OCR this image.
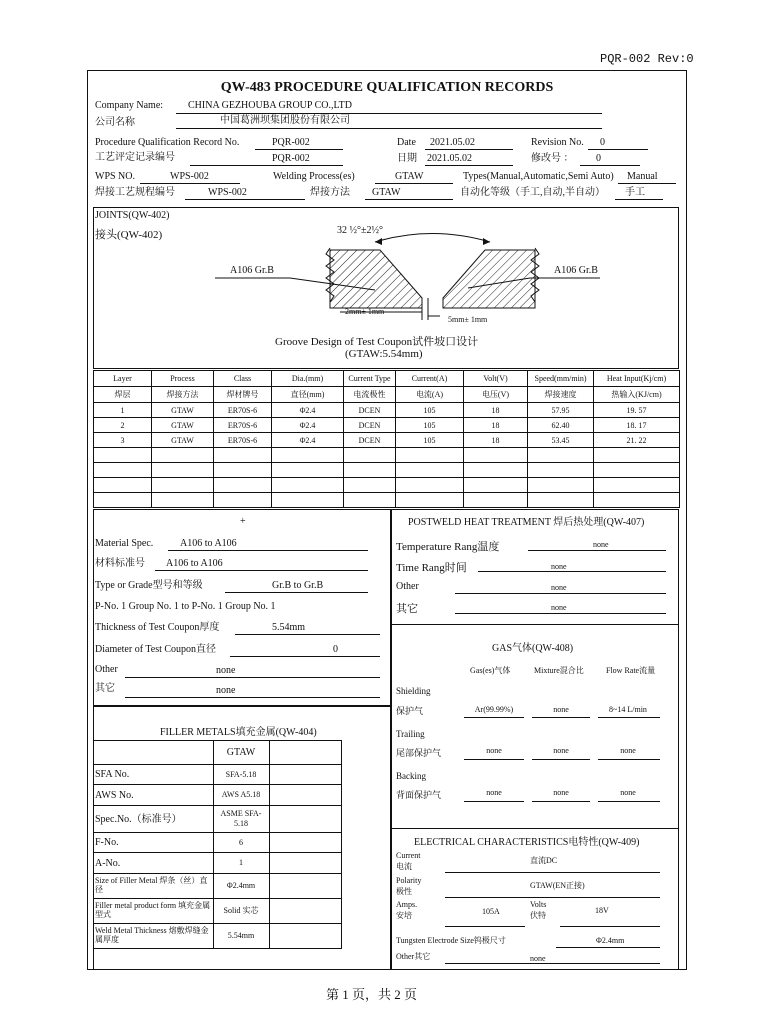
PQR-002 Rev:0
QW-483 PROCEDURE QUALIFICATION RECORDS
Company Name: CHINA GEZHOUBA GROUP CO.,LTD
公司名称	中国葛洲坝集团股份有限公司
Procedure Qualification Record No.	PQR-002	Date 2021.05.02	Revision No. 0
工艺评定记录编号	PQR-002	日期 2021.05.02	修改号 ： 0
WPS NO.	WPS-002	Welding Process(es)	GTAW	Types(Manual,Automatic,Semi Auto) Manual
焊接工艺规程编号	WPS-002	焊接方法 GTAW	自动化等级（手工,自动,半自动） 手工
JOINTS(QW-402)
接头(QW-402)	32 ½°±2½°
A106 Gr.B	A106 Gr.B
2mm± 1mm
5mm± 1mm
Groove Design of Test Coupon试件坡口设计
(GTAW:5.54mm)
Layer	Process	Class	Dia.(mm)	Current Type	Current(A)	Volt(V)	Speed(mm/min)	Heat Input(Kj/cm)
焊层	焊接方法	焊材牌号	直径(mm)	电流极性	电流(A)	电压(V)	焊接速度	热输入(KJ/cm)
1	GTAW	ER70S-6	Φ2.4	DCEN	105	18	57.95	19. 57
2	GTAW	ER70S-6	Φ2.4	DCEN	105	18	62.40	18. 17
3	GTAW	ER70S-6	Φ2.4	DCEN	105	18	53.45	21. 22

+
Material Spec.	A106 to A106
材料标准号 A106 to A106
Type or Grade型号和等级	Gr.B to Gr.B
P-No. 1 Group No. 1 to P-No. 1 Group No. 1
Thickness of Test Coupon厚度	5.54mm
Diameter of Test Coupon直径	0
Other	none
其它	none
POSTWELD HEAT TREATMENT 焊后热处理(QW-407)
Temperature Rang温度	none
Time Rang时间	none
Other	none
其它	none
GAS气体(QW-408)
Gas(es)气体	Mixture混合比	Flow Rate流量
Shielding
保护气	Ar(99.99%)	none	8~14 L/min
Trailing
尾部保护气	none	none	none
Backing
背面保护气	none	none	none
ELECTRICAL CHARACTERISTICS电特性(QW-409)
Current
电流
直流DC
Polarity
极性
GTAW(EN正接)
Amps.
安培	105A
Volts
伏特
18V
Tungsten Electrode Size钨极尺寸	Φ2.4mm
Other其它	none
FILLER METALS填充金属(QW-404)
	GTAW	
SFA No.	SFA-5.18	
AWS No.	AWS A5.18	
Spec.No.（标准号）	ASME SFA-5.18	
F-No.	6	
A-No.	1	
Size of Filler Metal 焊条（丝）直径	Φ2.4mm	
Filler metal product form 填充金属型式	Solid 实芯	
Weld Metal Thickness 熔敷焊缝金属厚度	5.54mm	
第 1 页，共 2 页
